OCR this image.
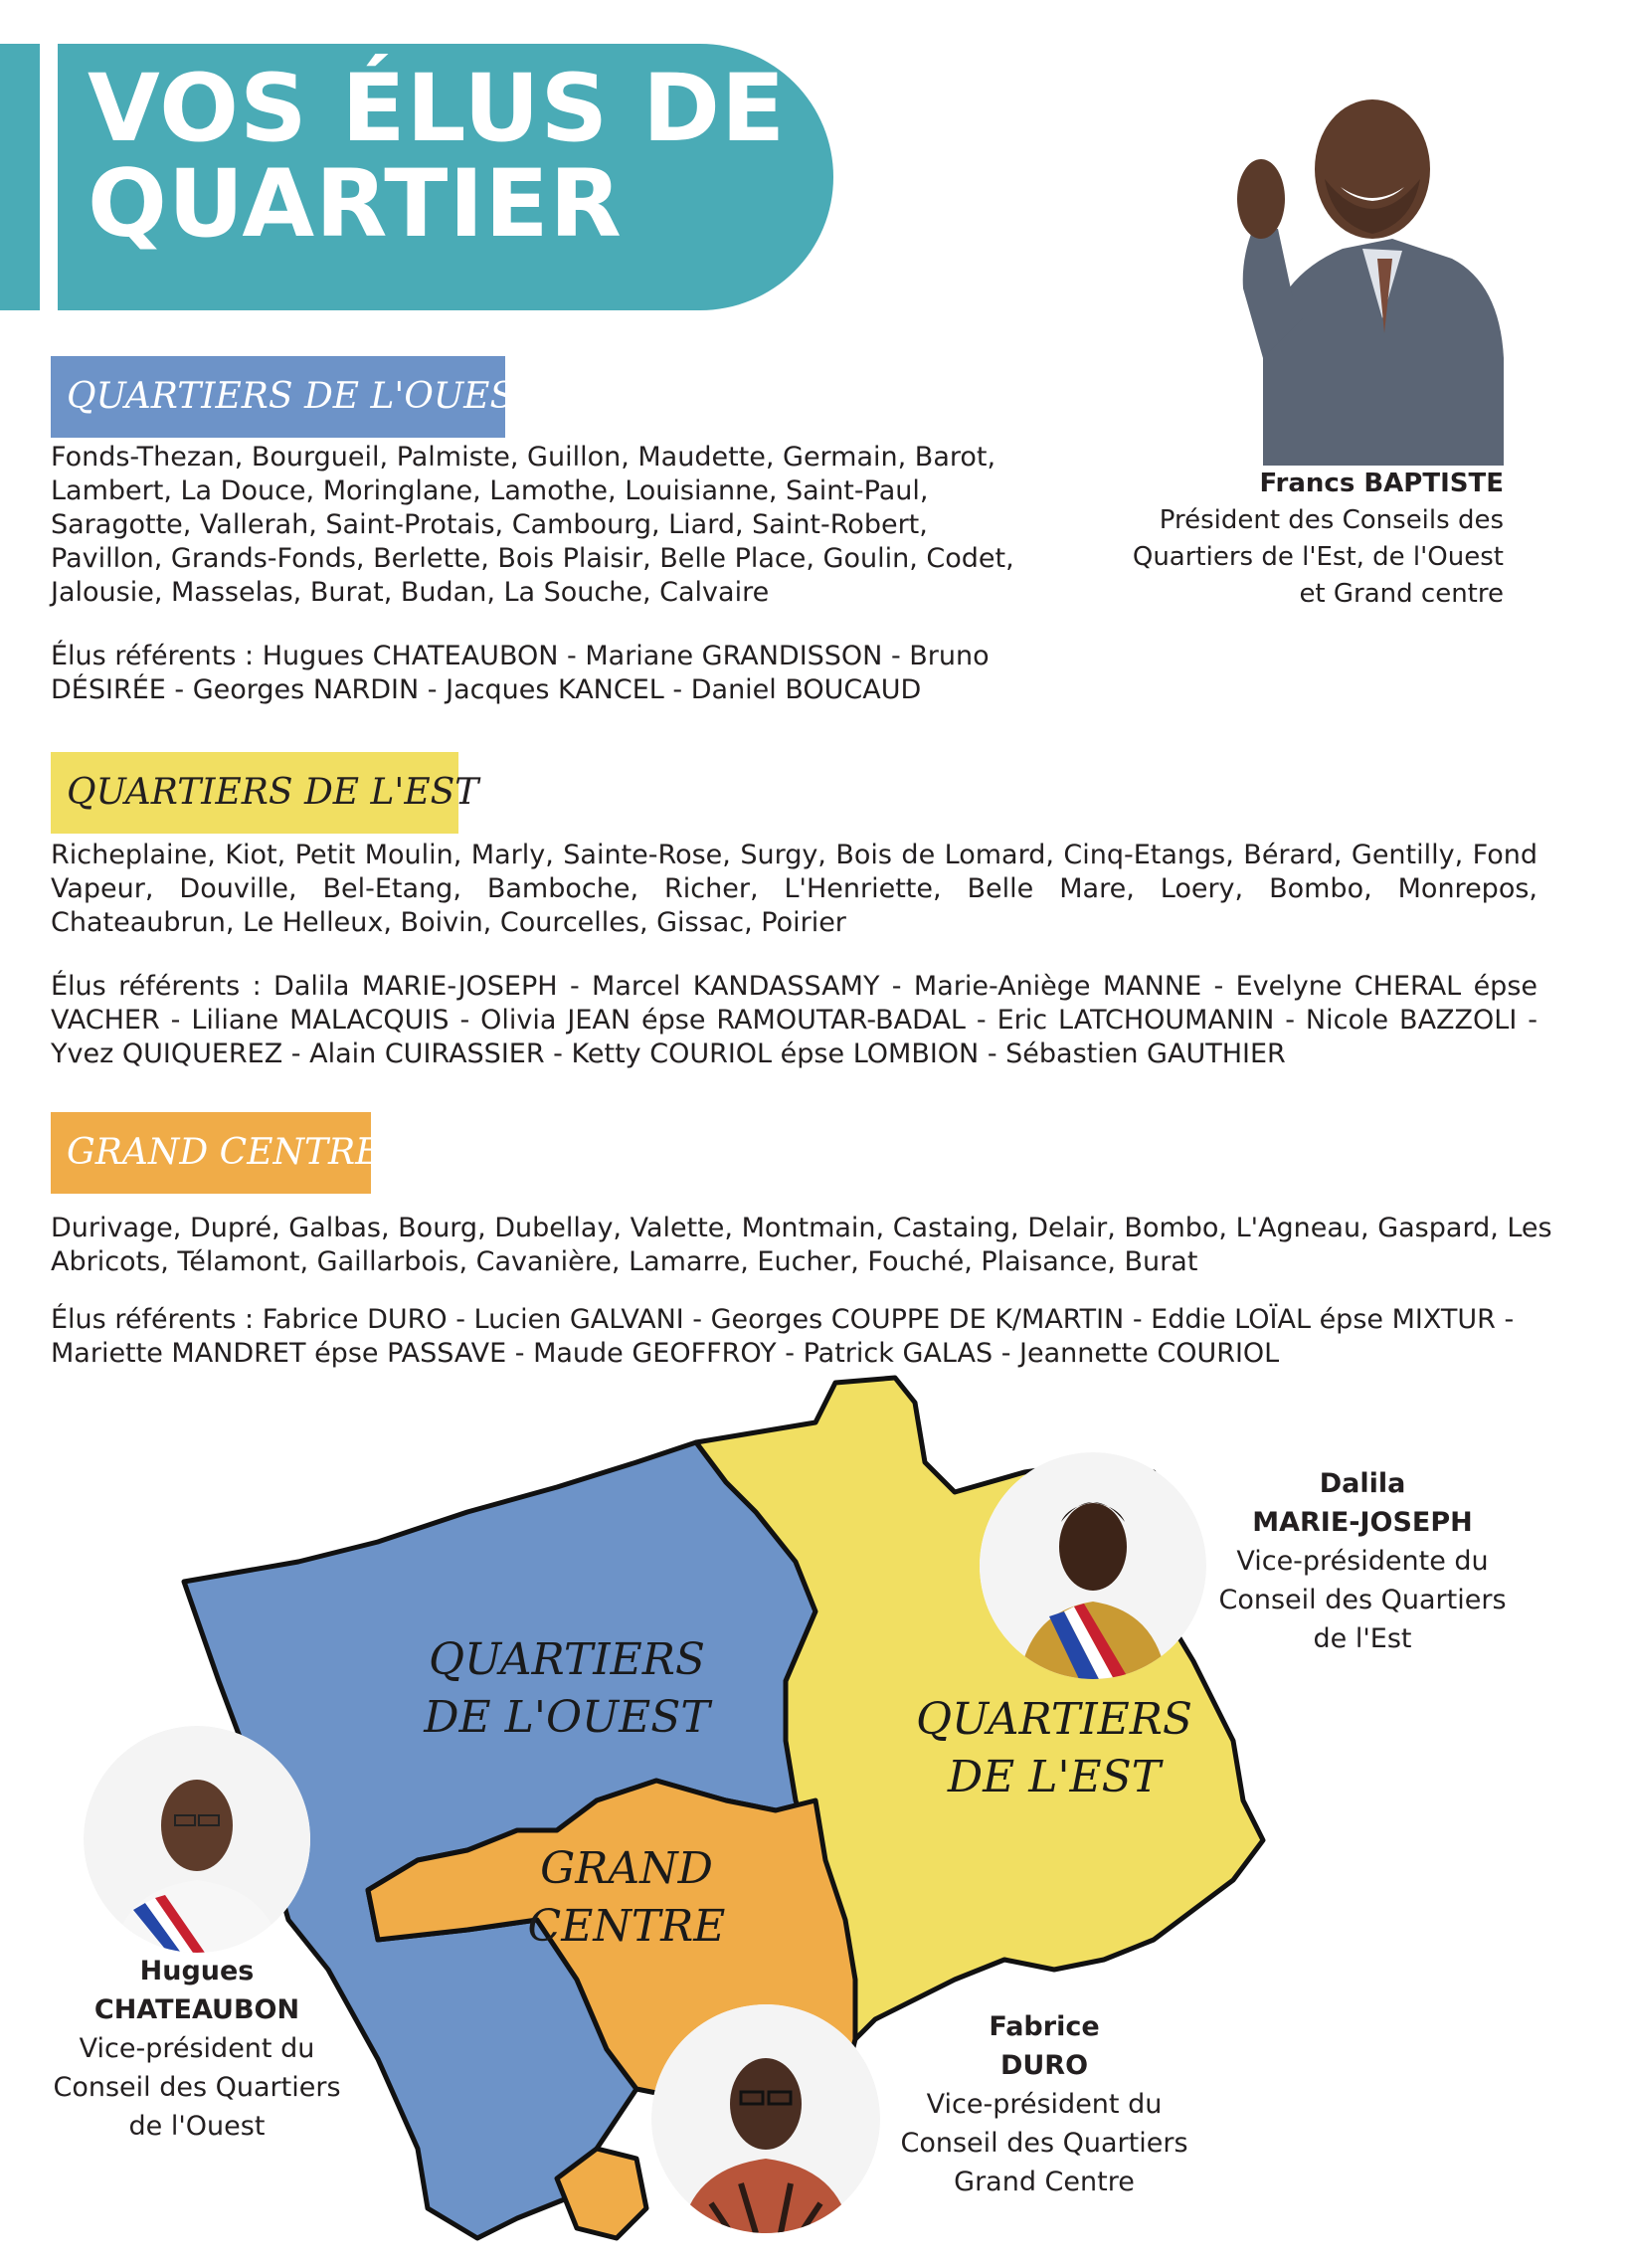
VOS ÉLUS DE
QUARTIER
Francs BAPTISTE
Président des Conseils des
Quartiers de l'Est, de l'Ouest
et Grand centre
QUARTIERS DE L'OUEST

Fonds-Thezan, Bourgueil, Palmiste, Guillon, Maudette, Germain, Barot,
Lambert, La Douce, Moringlane, Lamothe, Louisianne, Saint-Paul,
Saragotte, Vallerah, Saint-Protais, Cambourg, Liard, Saint-Robert,
Pavillon, Grands-Fonds, Berlette, Bois Plaisir, Belle Place, Goulin, Codet,
Jalousie, Masselas, Burat, Budan, La Souche, Calvaire

Élus référents : Hugues CHATEAUBON - Mariane GRANDISSON - Bruno
DÉSIRÉE - Georges NARDIN - Jacques KANCEL - Daniel BOUCAUD

QUARTIERS DE L'EST

Richeplaine, Kiot, Petit Moulin, Marly, Sainte-Rose, Surgy, Bois de Lomard, Cinq-Etangs, Bérard, Gentilly, Fond Vapeur, Douville, Bel-Etang, Bamboche, Richer, L'Henriette, Belle Mare, Loery, Bombo, Monrepos, Chateaubrun, Le Helleux, Boivin, Courcelles, Gissac, Poirier

Élus référents : Dalila MARIE-JOSEPH - Marcel KANDASSAMY - Marie-Aniège MANNE - Evelyne CHERAL épse VACHER - Liliane MALACQUIS - Olivia JEAN épse RAMOUTAR-BADAL - Eric LATCHOUMANIN - Nicole BAZZOLI - Yvez QUIQUEREZ - Alain CUIRASSIER - Ketty COURIOL épse LOMBION - Sébastien GAUTHIER

GRAND CENTRE

Durivage, Dupré, Galbas, Bourg, Dubellay, Valette, Montmain, Castaing, Delair, Bombo, L'Agneau, Gaspard, Les
Abricots, Télamont, Gaillarbois, Cavanière, Lamarre, Eucher, Fouché, Plaisance, Burat

Élus référents : Fabrice DURO - Lucien GALVANI - Georges COUPPE DE K/MARTIN - Eddie LOÏAL épse MIXTUR -
Mariette MANDRET épse PASSAVE - Maude GEOFFROY - Patrick GALAS - Jeannette COURIOL

QUARTIERS
DE L'OUEST	QUARTIERS
DE L'EST
GRAND
CENTRE
Dalila
MARIE-JOSEPH
Vice-présidente du
Conseil des Quartiers
de l'Est
Hugues
CHATEAUBON
Vice-président du
Conseil des Quartiers
de l'Ouest
Fabrice
DURO
Vice-président du
Conseil des Quartiers
Grand Centre
